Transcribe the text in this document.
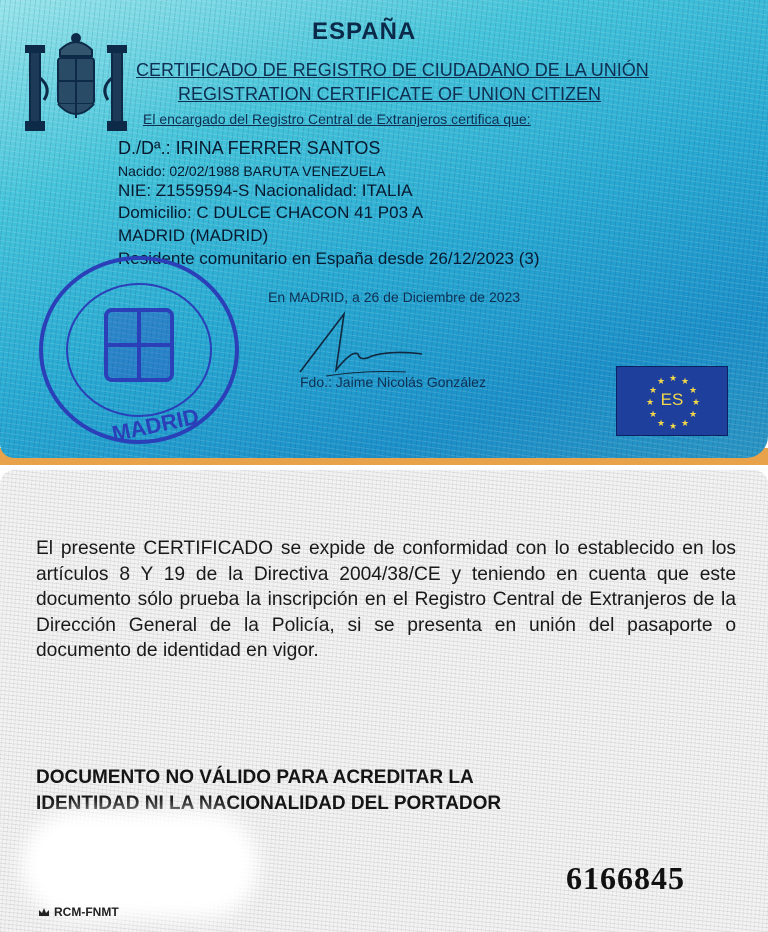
ESPAÑA
CERTIFICADO DE REGISTRO DE CIUDADANO DE LA UNIÓN
REGISTRATION CERTIFICATE OF UNION CITIZEN
El encargado del Registro Central de Extranjeros certifica que:
D./Dª.: IRINA FERRER SANTOS
Nacido: 02/02/1988 BARUTA VENEZUELA
NIE: Z1559594-S Nacionalidad: ITALIA
Domicilio: C DULCE CHACON 41 P03 A
MADRID (MADRID)
Residente comunitario en España desde 26/12/2023 (3)
En MADRID, a 26 de Diciembre de 2023
Fdo.: Jaime Nicolás González
MADRID
★ ★
★
★
★
★
★
★
★
★
★
★
ES
El presente CERTIFICADO se expide de conformidad con lo establecido en los artículos 8 Y 19 de la Directiva 2004/38/CE y teniendo en cuenta que este documento sólo prueba la inscripción en el Registro Central de Extranjeros de la Dirección General de la Policía, si se presenta en unión del pasaporte o documento de identidad en vigor.
DOCUMENTO NO VÁLIDO PARA ACREDITAR LA
IDENTIDAD NI LA NACIONALIDAD DEL PORTADOR
6166845
RCM-FNMT
